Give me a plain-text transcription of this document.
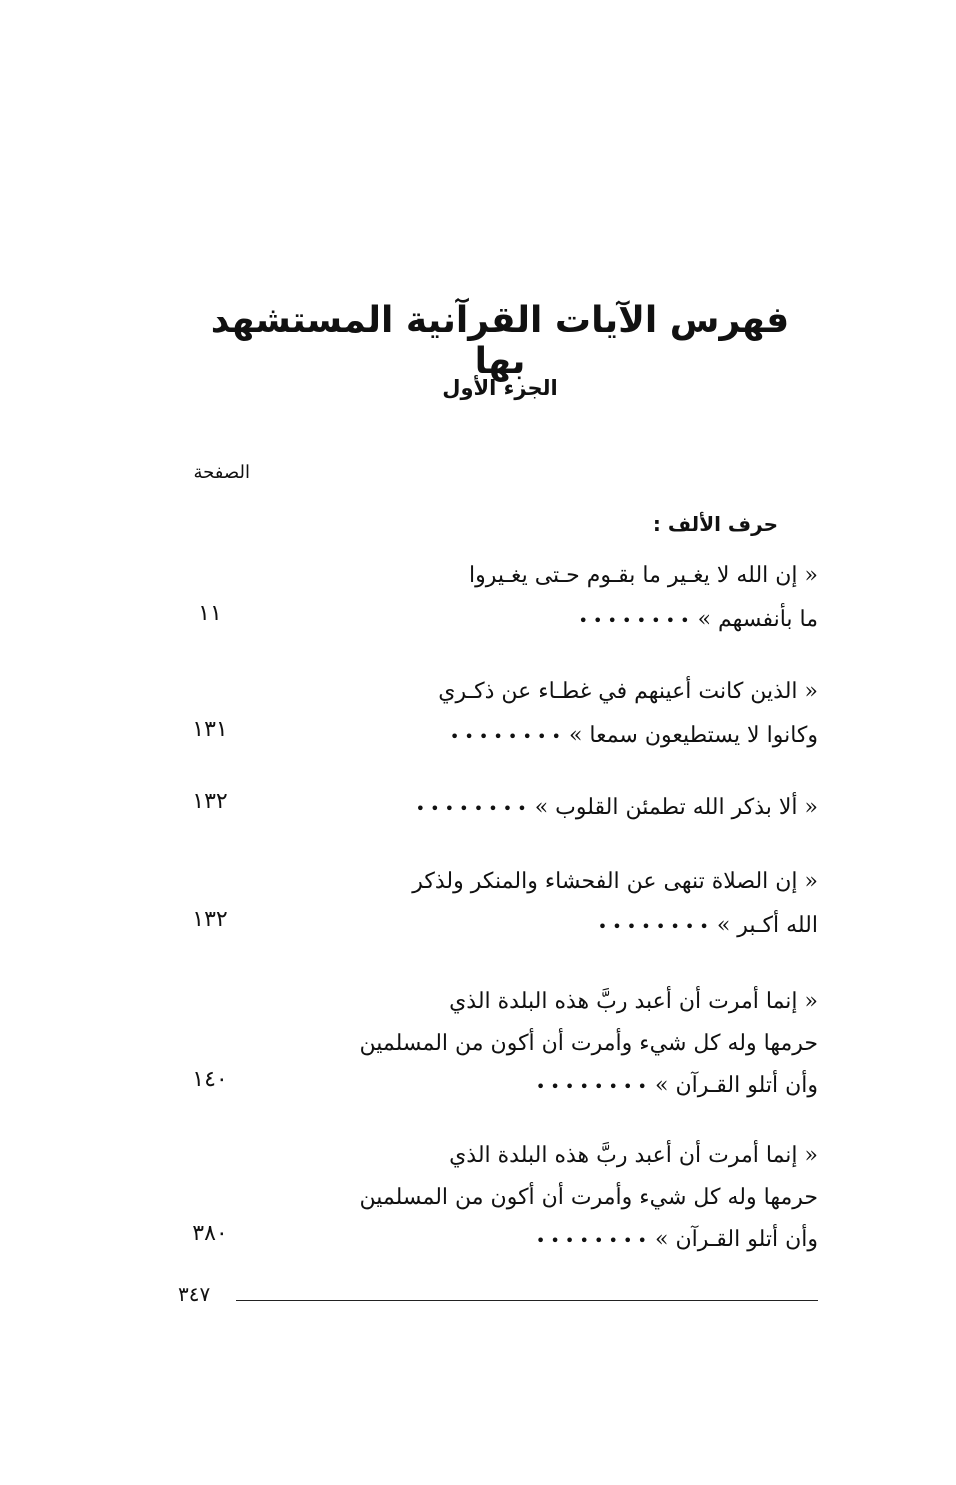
فهرس الآيات القرآنية المستشهد بها
الجزء الأول
الصفحة
حرف الألف :
« إن الله لا يغـير ما بقـوم حـتى يغـيروا
ما بأنفسهم »• • • • • • • •
١١
« الذين كانت أعينهم في غطـاء عن ذكـري
وكانوا لا يستطيعون سمعا »• • • • • • • •
١٣١
« ألا بذكر الله تطمئن القلوب »• • • • • • • •
١٣٢
« إن الصلاة تنهى عن الفحشاء والمنكر ولذكر
الله أكـبر »• • • • • • • •
١٣٢
« إنما أمرت أن أعبد ربَّ هذه البلدة الذي
حرمها وله كل شيء وأمرت أن أكون من المسلمين
وأن أتلو القـرآن »• • • • • • • •
١٤٠
« إنما أمرت أن أعبد ربَّ هذه البلدة الذي
حرمها وله كل شيء وأمرت أن أكون من المسلمين
وأن أتلو القـرآن »• • • • • • • •
٣٨٠
٣٤٧
